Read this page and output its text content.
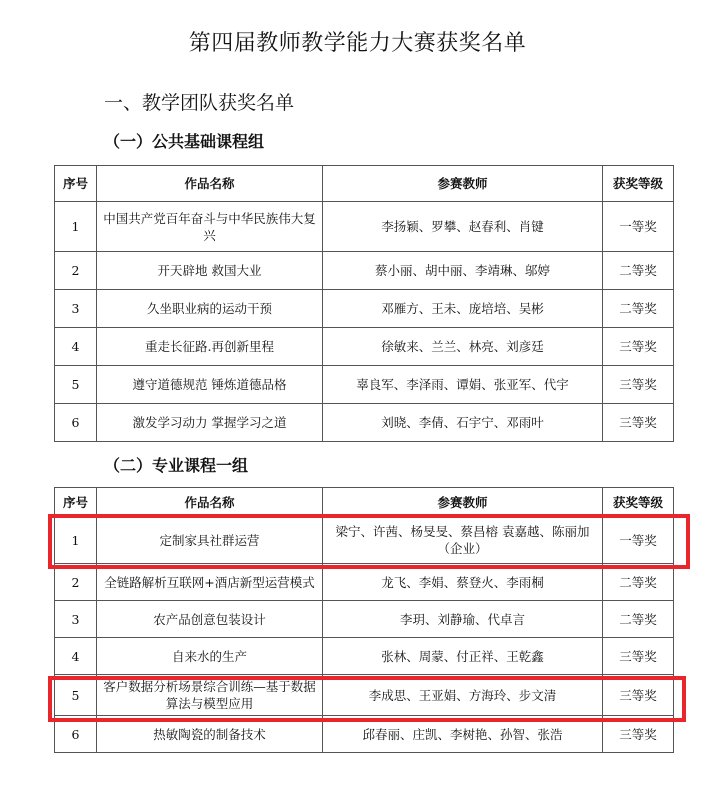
第四届教师教学能力大赛获奖名单
一、教学团队获奖名单
（一）公共基础课程组
序号	作品名称	参赛教师	获奖等级
1	中国共产党百年奋斗与中华民族伟大复兴	李扬颖、罗攀、赵春利、肖键	一等奖
2	开天辟地 救国大业	蔡小丽、胡中丽、李靖琳、邬婷	二等奖
3	久坐职业病的运动干预	邓雁方、王未、庞培培、吴彬	二等奖
4	重走长征路.再创新里程	徐敏来、兰兰、林亮、刘彦廷	三等奖
5	遵守道德规范 锤炼道德品格	辜良军、李泽雨、谭娟、张亚军、代宇	三等奖
6	激发学习动力 掌握学习之道	刘晓、李倩、石宇宁、邓雨叶	三等奖
（二）专业课程一组
序号	作品名称	参赛教师	获奖等级
1	定制家具社群运营	梁宁、许茜、杨旻旻、蔡昌榕 袁嘉越、陈丽加（企业）	一等奖
2	全链路解析互联网+酒店新型运营模式	龙飞、李娟、蔡登火、李雨桐	二等奖
3	农产品创意包装设计	李玥、刘静瑜、代卓言	二等奖
4	自来水的生产	张林、周蒙、付正祥、王乾鑫	三等奖
5	客户数据分析场景综合训练—基于数据算法与模型应用	李成思、王亚娟、方海玲、步文清	三等奖
6	热敏陶瓷的制备技术	邱春丽、庄凯、李树艳、孙智、张浩	三等奖
